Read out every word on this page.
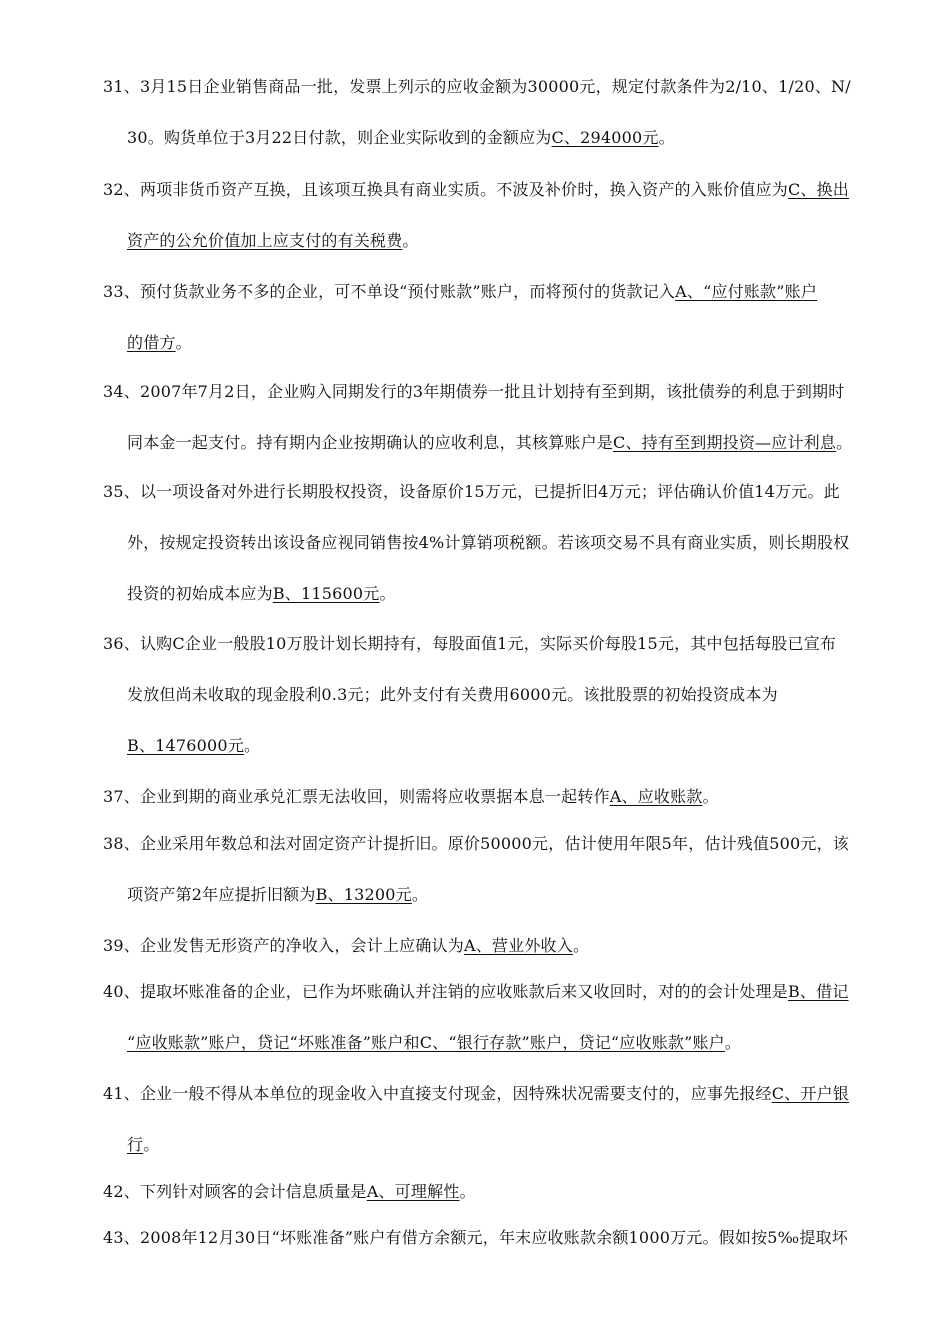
31、3月15日企业销售商品一批，发票上列示的应收金额为30000元，规定付款条件为2/10、1/20、N/
30。购货单位于3月22日付款，则企业实际收到的金额应为C、294000元。
32、两项非货币资产互换，且该项互换具有商业实质。不波及补价时，换入资产的入账价值应为C、换出
资产的公允价值加上应支付的有关税费。
33、预付货款业务不多的企业，可不单设“预付账款”账户，而将预付的货款记入A、“应付账款”账户
的借方。
34、2007年7月2日，企业购入同期发行的3年期债券一批且计划持有至到期，该批债券的利息于到期时
同本金一起支付。持有期内企业按期确认的应收利息，其核算账户是C、持有至到期投资—应计利息。
35、以一项设备对外进行长期股权投资，设备原价15万元，已提折旧4万元；评估确认价值14万元。此
外，按规定投资转出该设备应视同销售按4%计算销项税额。若该项交易不具有商业实质，则长期股权
投资的初始成本应为B、115600元。
36、认购C企业一般股10万股计划长期持有，每股面值1元，实际买价每股15元，其中包括每股已宣布
发放但尚未收取的现金股利0.3元；此外支付有关费用6000元。该批股票的初始投资成本为
B、1476000元。
37、企业到期的商业承兑汇票无法收回，则需将应收票据本息一起转作A、应收账款。
38、企业采用年数总和法对固定资产计提折旧。原价50000元，估计使用年限5年，估计残值500元，该
项资产第2年应提折旧额为B、13200元。
39、企业发售无形资产的净收入，会计上应确认为A、营业外收入。
40、提取坏账准备的企业，已作为坏账确认并注销的应收账款后来又收回时，对的的会计处理是B、借记
“应收账款”账户，贷记“坏账准备”账户和C、“银行存款”账户，贷记“应收账款”账户。
41、企业一般不得从本单位的现金收入中直接支付现金，因特殊状况需要支付的，应事先报经C、开户银
行。
42、下列针对顾客的会计信息质量是A、可理解性。
43、2008年12月30日“坏账准备”账户有借方余额元，年末应收账款余额1000万元。假如按5‰提取坏
